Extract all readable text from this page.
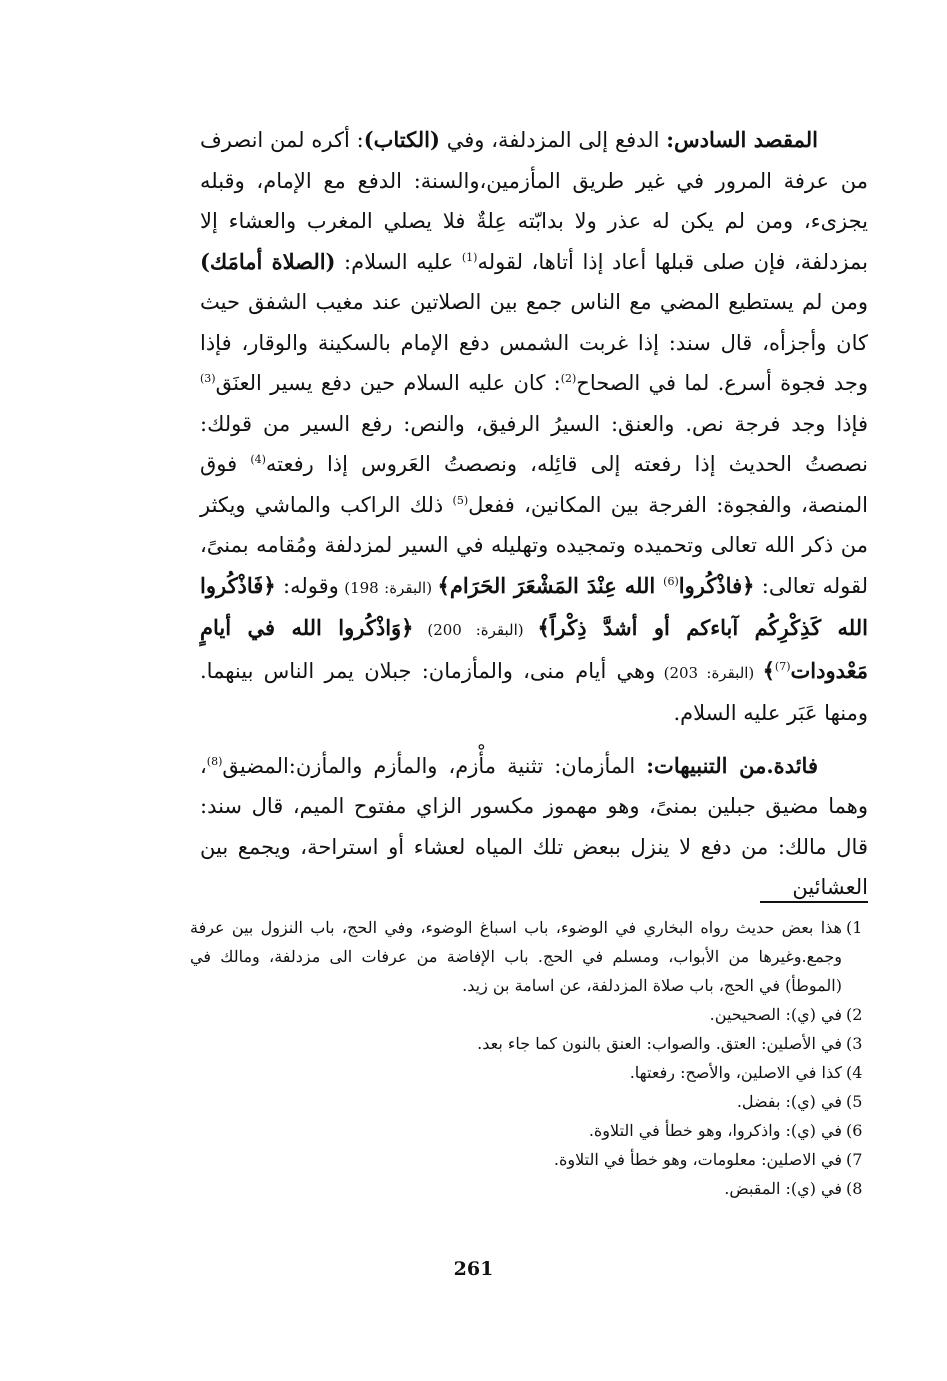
المقصد السادس: الدفع إلى المزدلفة، وفي (الكتاب): أكره لمن انصرف من عرفة المرور في غير طريق المأزمين،والسنة: الدفع مع الإمام، وقبله يجزىء، ومن لم يكن له عذر ولا بدابّته عِلةٌ فلا يصلي المغرب والعشاء إلا بمزدلفة، فإن صلى قبلها أعاد إذا أتاها، لقوله$^{(1)}$ عليه السلام: (الصلاة أمامَك) ومن لم يستطيع المضي مع الناس جمع بين الصلاتين عند مغيب الشفق حيث كان وأجزأه، قال سند: إذا غربت الشمس دفع الإمام بالسكينة والوقار، فإذا وجد فجوة أسرع. لما في الصحاح$^{(2)}$: كان عليه السلام حين دفع يسير العنَق$^{(3)}$ فإذا وجد فرجة نص. والعنق: السيرُ الرفيق، والنص: رفع السير من قولك: نصصتُ الحديث إذا رفعته إلى قائِله، ونصصتُ العَروس إذا رفعته$^{(4)}$ فوق المنصة، والفجوة: الفرجة بين المكانين، ففعل$^{(5)}$ ذلك الراكب والماشي ويكثر من ذكر الله تعالى وتحميده وتمجيده وتهليله في السير لمزدلفة ومُقامه بمنىً، لقوله تعالى: ﴿فاذْكُروا$^{(6)}$ الله عِنْدَ المَشْعَرَ الحَرَام﴾ (البقرة: 198) وقوله: ﴿فَاذْكُروا الله كَذِكْرِكُم آباءكم أو أشدَّ ذِكْراً﴾ (البقرة: 200) ﴿وَاذْكُروا الله في أيامٍ مَعْدودات$^{(7)}$﴾ (البقرة: 203) وهي أيام منى، والمأزمان: جبلان يمر الناس بينهما. ومنها عَبَر عليه السلام.

فائدة.من التنبيهات: المأزمان: تثنية مأْزم، والمأزم والمأزن:المضيق$^{(8)}$، وهما مضيق جبلين بمنىً، وهو مهموز مكسور الزاي مفتوح الميم، قال سند: قال مالك: من دفع لا ينزل ببعض تلك المياه لعشاء أو استراحة، ويجمع بين العشائين

(1
هذا بعض حديث رواه البخاري في الوضوء، باب اسباغ الوضوء، وفي الحج، باب النزول بين عرفة وجمع.وغيرها من الأبواب، ومسلم في الحج. باب الإفاضة من عرفات الى مزدلفة، ومالك في (الموطأ) في الحج، باب صلاة المزدلفة، عن اسامة بن زيد.
(2
في (ي): الصحيحين.
(3
في الأصلين: العتق. والصواب: العنق بالنون كما جاء بعد.
(4
كذا في الاصلين، والأصح: رفعتها.
(5
في (ي): بفضل.
(6
في (ي): واذكروا، وهو خطأ في التلاوة.
(7
في الاصلين: معلومات، وهو خطأ في التلاوة.
(8
في (ي): المقبض.
261
